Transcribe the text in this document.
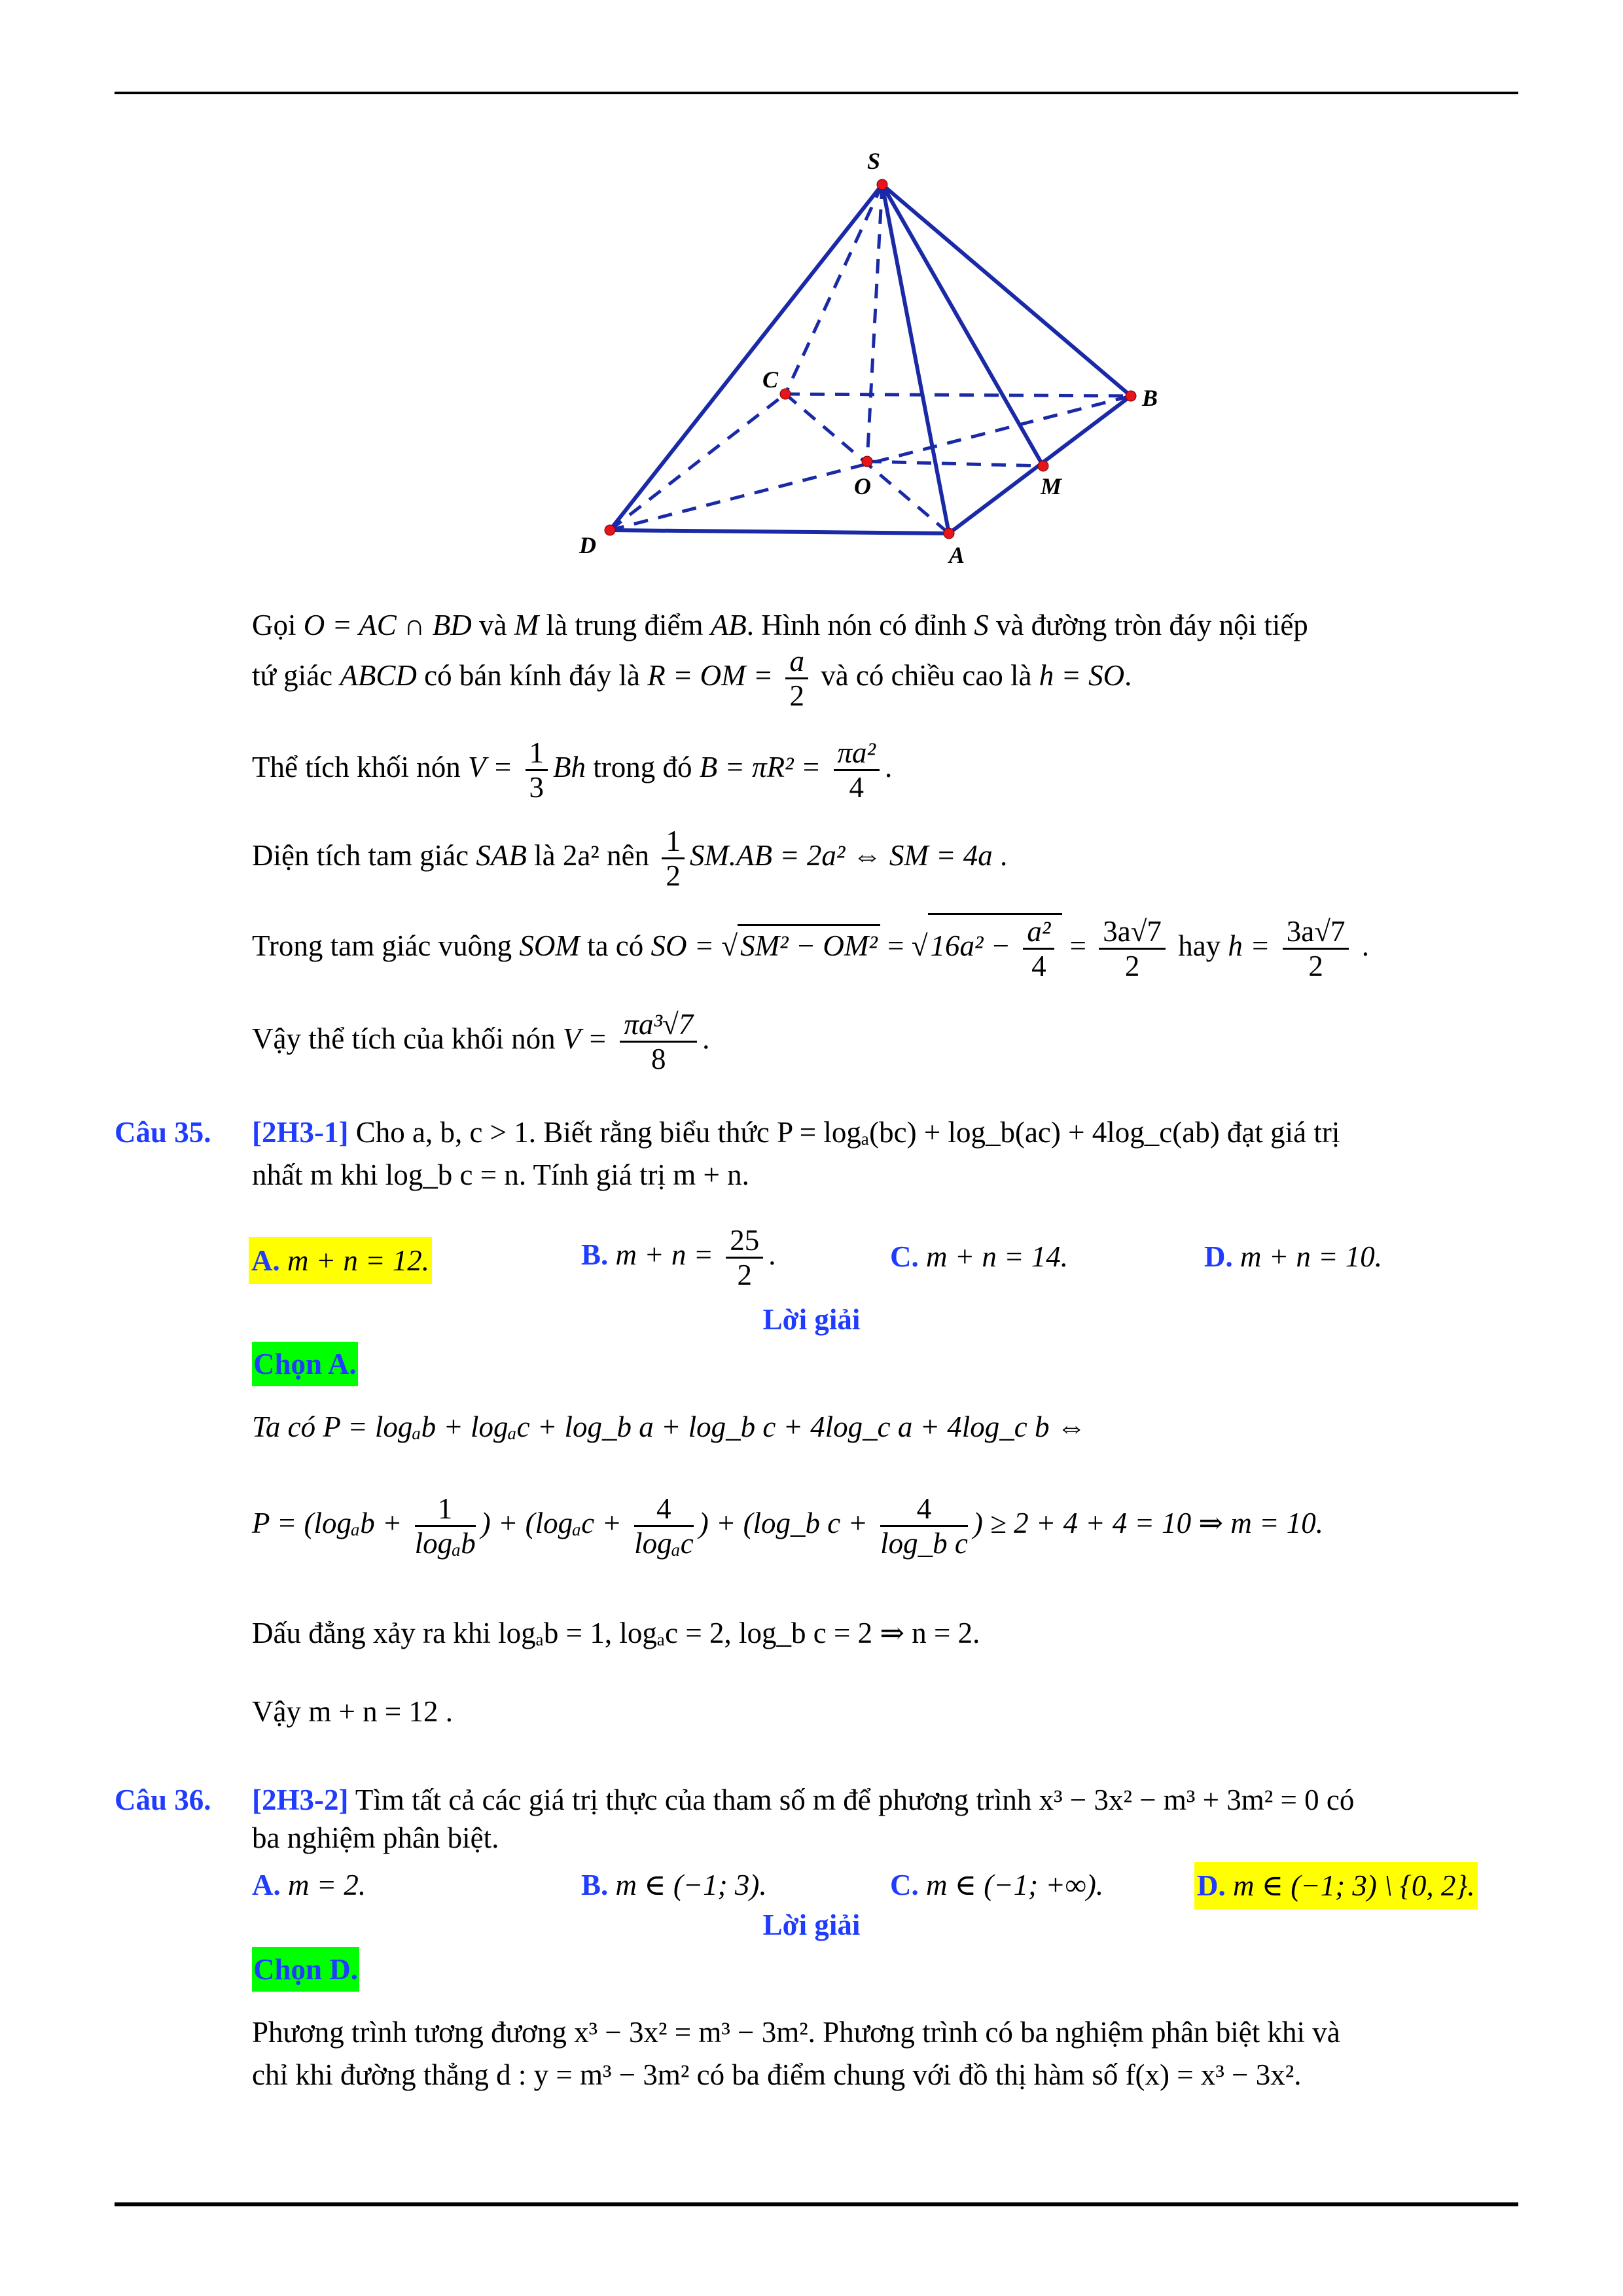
S
C
B
O	M
D	A
Gọi O = AC ∩ BD và M là trung điểm AB. Hình nón có đỉnh S và đường tròn đáy nội tiếp
tứ giác ABCD có bán kính đáy là R = OM = $\frac{a}{2}$ và có chiều cao là h = SO.
Thể tích khối nón $V = \frac{1}{3}$ Bh trong đó $B = \pi R^2 = \frac{\text{πa²}}{4}$ .
Diện tích tam giác SAB là 2a² nên $\frac{1}{2} SM.AB = 2a^2$ ⇔ SM = 4a .
Trong tam giác vuông SOM ta có SO = $√SM^2 - OM^2 = √16a^2 - \frac{\text{a²}}{4} = \frac{3a√7}{2}$ hay $h = \frac{3a√7}{2}$ .
Vậy thể tích của khối nón $V = \frac{\text{πa³√7}}{8}$ .
Câu 35. [2H3-1] Cho a, b, c > 1. Biết rằng biểu thức P = logₐ(bc) + log_b(ac) + 4log_c(ab) đạt giá trị
nhất m khi log_b c = n. Tính giá trị m + n.
A. m + n = 12.	B. $m + n = \frac{25}{2}$ .	C. m + n = 14.	D. m + n = 10.
Lời giải
Chọn A.
Ta có P = logₐb + logₐc + log_b a + log_b c + 4log_c a + 4log_c b ⇔
$P = (\log_ab + \frac{1}{\text{logₐb}}$ ) + ($\log_ac + \frac{4}{\text{logₐc}}$ ) + (log_b $c + \frac{4}{\text{log\_b c}}$ ) ≥ 2 + 4 + 4 = 10 ⇒ m = 10.
Dấu đẳng xảy ra khi logₐb = 1, logₐc = 2, log_b c = 2 ⇒ n = 2.
Vậy m + n = 12 .
Câu 36. [2H3-2] Tìm tất cả các giá trị thực của tham số m để phương trình x³ − 3x² − m³ + 3m² = 0 có
ba nghiệm phân biệt.
A. m = 2.	B. m ∈ (−1; 3).	C. m ∈ (−1; +∞).	D. m ∈ (−1; 3) \ {0, 2}.
Lời giải
Chọn D.
Phương trình tương đương x³ − 3x² = m³ − 3m². Phương trình có ba nghiệm phân biệt khi và
chỉ khi đường thẳng d : y = m³ − 3m² có ba điểm chung với đồ thị hàm số f(x) = x³ − 3x².
